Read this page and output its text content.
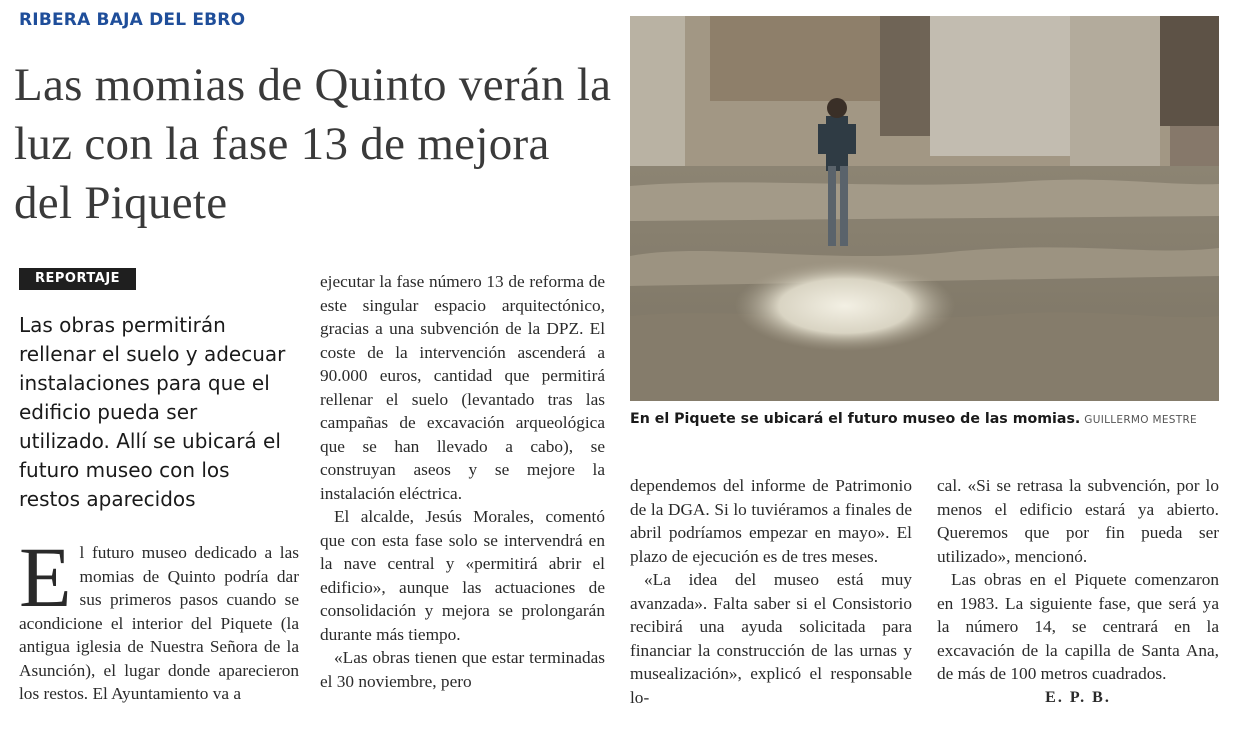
RIBERA BAJA DEL EBRO
Las momias de Quinto verán la luz con la fase 13 de mejora del Piquete
REPORTAJE

Las obras permitirán rellenar el suelo y adecuar instalaciones para que el edificio pueda ser utilizado. Allí se ubicará el futuro museo con los restos aparecidos

El futuro museo dedicado a las momias de Quinto podría dar sus primeros pasos cuando se acondicione el interior del Piquete (la antigua iglesia de Nuestra Señora de la Asunción), el lugar donde aparecieron los restos. El Ayuntamiento va a

ejecutar la fase número 13 de reforma de este singular espacio arquitectónico, gracias a una subvención de la DPZ. El coste de la intervención ascenderá a 90.000 euros, cantidad que permitirá rellenar el suelo (levantado tras las campañas de excavación arqueológica que se han llevado a cabo), se construyan aseos y se mejore la instalación eléctrica.

El alcalde, Jesús Morales, comentó que con esta fase solo se intervendrá en la nave central y «permitirá abrir el edificio», aunque las actuaciones de consolidación y mejora se prolongarán durante más tiempo.

«Las obras tienen que estar terminadas el 30 noviembre, pero

En el Piquete se ubicará el futuro museo de las momias. GUILLERMO MESTRE

dependemos del informe de Patrimonio de la DGA. Si lo tuviéramos a finales de abril podríamos empezar en mayo». El plazo de ejecución es de tres meses.

«La idea del museo está muy avanzada». Falta saber si el Consistorio recibirá una ayuda solicitada para financiar la construcción de las urnas y musealización», explicó el responsable lo-

cal. «Si se retrasa la subvención, por lo menos el edificio estará ya abierto. Queremos que por fin pueda ser utilizado», mencionó.

Las obras en el Piquete comenzaron en 1983. La siguiente fase, que será ya la número 14, se centrará en la excavación de la capilla de Santa Ana, de más de 100 metros cuadrados.

E. P. B.
